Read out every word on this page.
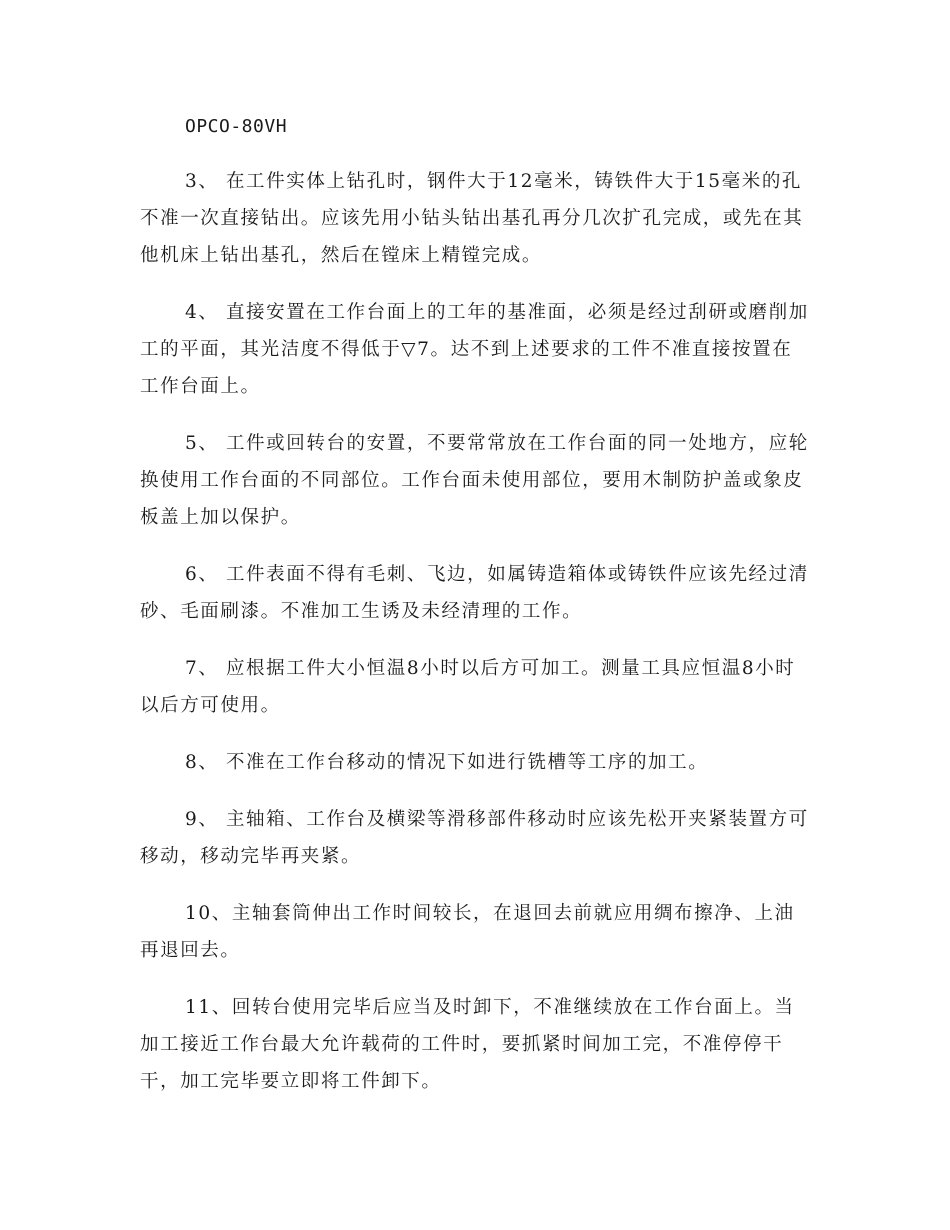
OPCO-80VH

3、 在工件实体上钻孔时，钢件大于12毫米，铸铁件大于15毫米的孔不准一次直接钻出。应该先用小钻头钻出基孔再分几次扩孔完成，或先在其他机床上钻出基孔，然后在镗床上精镗完成。

4、 直接安置在工作台面上的工年的基准面，必须是经过刮研或磨削加工的平面，其光洁度不得低于▽7。达不到上述要求的工件不准直接按置在工作台面上。

5、 工件或回转台的安置，不要常常放在工作台面的同一处地方，应轮换使用工作台面的不同部位。工作台面未使用部位，要用木制防护盖或象皮板盖上加以保护。

6、 工件表面不得有毛刺、飞边，如属铸造箱体或铸铁件应该先经过清砂、毛面刷漆。不准加工生诱及未经清理的工作。

7、 应根据工件大小恒温8小时以后方可加工。测量工具应恒温8小时以后方可使用。

8、 不准在工作台移动的情况下如进行铣槽等工序的加工。

9、 主轴箱、工作台及横梁等滑移部件移动时应该先松开夹紧装置方可移动，移动完毕再夹紧。

10、主轴套筒伸出工作时间较长，在退回去前就应用绸布擦净、上油再退回去。

11、回转台使用完毕后应当及时卸下，不准继续放在工作台面上。当加工接近工作台最大允许载荷的工件时，要抓紧时间加工完，不准停停干干，加工完毕要立即将工件卸下。
